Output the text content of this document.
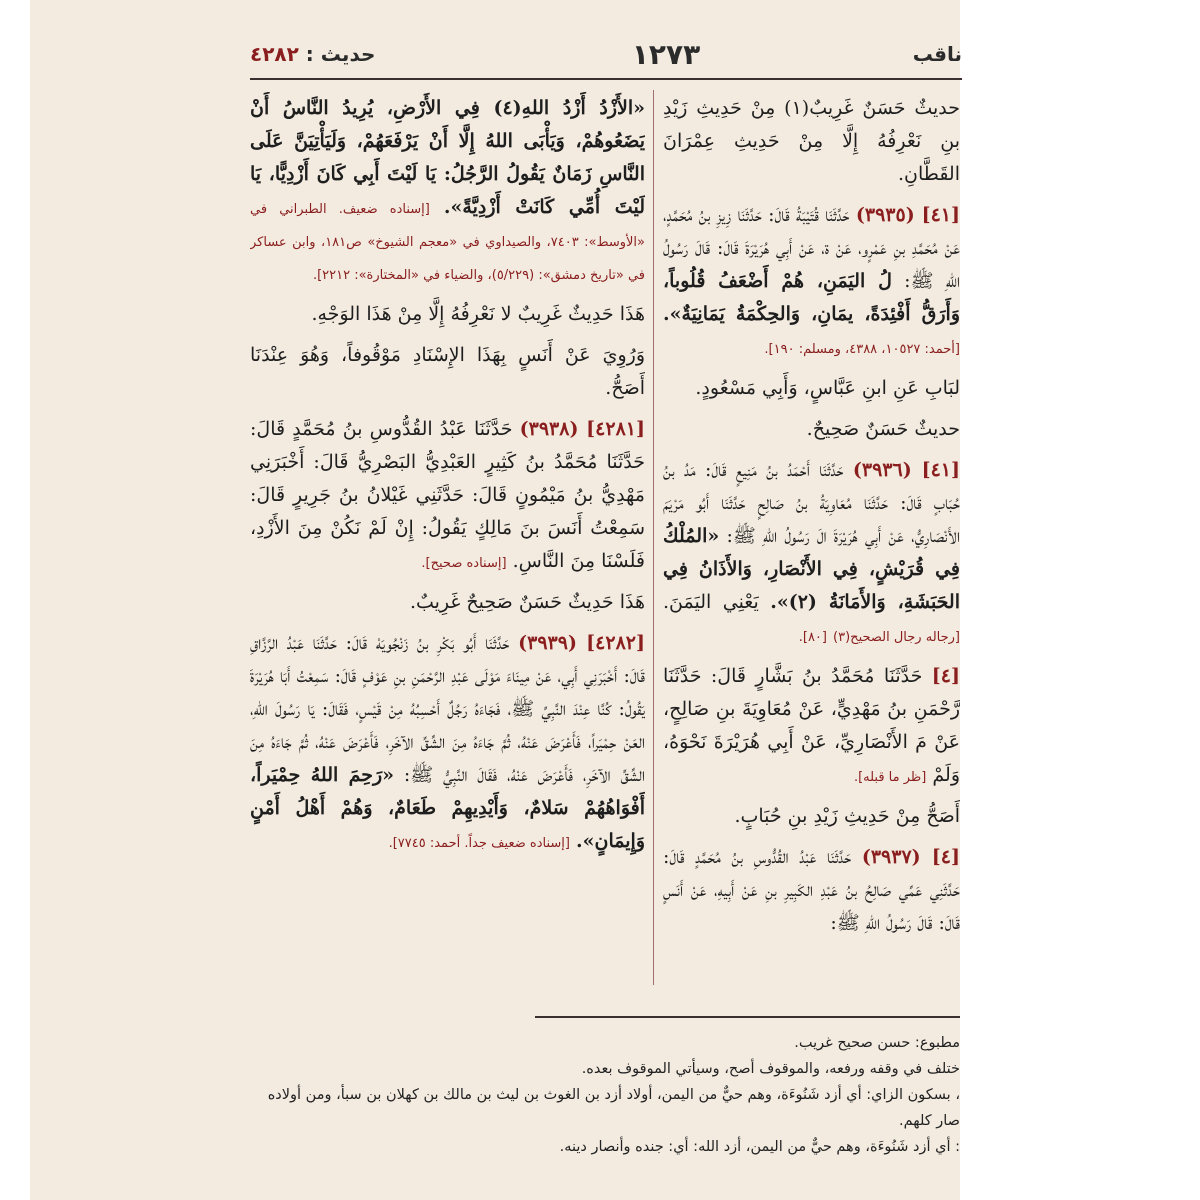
ناقب
١٢٧٣
حديث : ٤٢٨٢

حديثٌ حَسَنٌ غَرِيبٌ(١) مِنْ حَدِيثِ زَيْدِ بنِ نَعْرِفُهُ إِلَّا مِنْ حَدِيثِ عِمْرَانَ القَطَّانِ.

[٤١] (٣٩٣٥) حَدَّثَنَا قُتَيْبَةُ قَالَ: حَدَّثَنَا زِيزِ بنُ مُحَمَّدٍ، عَنْ مُحَمَّدِ بنِ عَمْرٍو، عَنْ ة، عَنْ أَبِي هُرَيْرَةَ قَالَ: قَالَ رَسُولُ اللهِ ﷺ: لُ اليَمَنِ، هُمْ أَضْعَفُ قُلُوباً، وَأَرَقُّ أَفْئِدَةً، يمَانِ، وَالحِكْمَةُ يَمَانِيَةٌ». [أحمد: ١٠٥٢٧، ٤٣٨٨، ومسلم: ١٩٠].

لبَابِ عَنِ ابنِ عَبَّاسٍ، وَأَبِي مَسْعُودٍ.

حديثٌ حَسَنٌ صَحِيحٌ.

[٤١] (٣٩٣٦) حَدَّثَنَا أَحْمَدُ بنُ مَنِيعٍ قَالَ: مَدُ بنُ حُبَابٍ قَالَ: حَدَّثَنَا مُعَاوِيَةُ بنُ صَالِحٍ حَدَّثَنَا أَبُو مَرْيَمَ الأَنْصَارِيُّ، عَنْ أَبِي هُرَيْرَةَ الَ رَسُولُ اللهِ ﷺ: «المُلْكُ فِي قُرَيْشٍ، فِي الأَنْصَارِ، وَالأَذَانُ فِي الحَبَشَةِ، وَالأَمَانَةُ (٢)». يَعْنِي اليَمَنَ. [رجاله رجال الصحيح(٣) [٨٠].

[٤] حَدَّثَنَا مُحَمَّدُ بنُ بَشَّارٍ قَالَ: حَدَّثَنَا رَّحْمَنِ بنُ مَهْدِيٍّ، عَنْ مُعَاوِيَةَ بنِ صَالِحٍ، عَنْ مَ الأَنْصَارِيِّ، عَنْ أَبِي هُرَيْرَةَ نَحْوَهُ، وَلَمْ [ظر ما قبله].

أَصَحُّ مِنْ حَدِيثِ زَيْدِ بنِ حُبَابٍ.

[٤] (٣٩٣٧) حَدَّثَنَا عَبْدُ القُدُّوسِ بنُ مُحَمَّدٍ قَالَ: حَدَّثَنِي عَمِّي صَالِحُ بنُ عَبْدِ الكَبِيرِ بنِ عَنْ أَبِيهِ، عَنْ أَنَسٍ قَالَ: قَالَ رَسُولُ اللهِ ﷺ:

«الأَزْدُ أَزْدُ اللهِ(٤) فِي الأَرْضِ، يُرِيدُ النَّاسُ أَنْ يَضَعُوهُمْ، وَيَأْبَى اللهُ إِلَّا أَنْ يَرْفَعَهُمْ، وَلَيَأْتِيَنَّ عَلَى النَّاسِ زَمَانٌ يَقُولُ الرَّجُلُ: يَا لَيْتَ أَبِي كَانَ أَزْدِيًّا، يَا لَيْتَ أُمِّي كَانَتْ أَزْدِيَّةً». [إسناده ضعيف. الطبراني في «الأوسط»: ٧٤٠٣، والصيداوي في «معجم الشيوخ» ص١٨١، وابن عساكر في «تاريخ دمشق»: (٥/٢٢٩)، والضياء في «المختارة»: ٢٢١٢].

هَذَا حَدِيثٌ غَرِيبٌ لا نَعْرِفُهُ إِلَّا مِنْ هَذَا الوَجْهِ.

وَرُوِيَ عَنْ أَنَسٍ بِهَذَا الإِسْنَادِ مَوْقُوفاً، وَهُوَ عِنْدَنَا أَصَحُّ.

[٤٢٨١] (٣٩٣٨) حَدَّثَنَا عَبْدُ القُدُّوسِ بنُ مُحَمَّدٍ قَالَ: حَدَّثَنَا مُحَمَّدُ بنُ كَثِيرٍ العَبْدِيُّ البَصْرِيُّ قَالَ: أَخْبَرَنِي مَهْدِيُّ بنُ مَيْمُونٍ قَالَ: حَدَّثَنِي غَيْلانُ بنُ جَرِيرٍ قَالَ: سَمِعْتُ أَنَسَ بنَ مَالِكٍ يَقُولُ: إِنْ لَمْ نَكُنْ مِنَ الأَزْدِ، فَلَسْنَا مِنَ النَّاسِ. [إسناده صحيح].

هَذَا حَدِيثٌ حَسَنٌ صَحِيحٌ غَرِيبٌ.

[٤٢٨٢] (٣٩٣٩) حَدَّثَنَا أَبُو بَكْرِ بنُ زَنْجُويَهْ قَالَ: حَدَّثَنَا عَبْدُ الرَّزَّاقِ قَالَ: أَخْبَرَنِي أَبِي، عَنْ مِينَاءَ مَوْلَى عَبْدِ الرَّحْمَنِ بنِ عَوْفٍ قَالَ: سَمِعْتُ أَبَا هُرَيْرَةَ يَقُولُ: كُنَّا عِنْدَ النَّبِيِّ ﷺ، فَجَاءَهُ رَجُلٌ أَحْسِبُهُ مِنْ قَيْسٍ، فَقَالَ: يَا رَسُولَ اللهِ، العَنْ حِمْيَراً، فَأَعْرَضَ عَنْهُ، ثُمَّ جَاءَهُ مِنَ الشِّقِّ الآخَرِ، فَأَعْرَضَ عَنْهُ، ثُمَّ جَاءَهُ مِنَ الشِّقِّ الآخَرِ، فَأَعْرَضَ عَنْهُ، فَقَالَ النَّبِيُّ ﷺ: «رَحِمَ اللهُ حِمْيَراً، أَفْوَاهُهُمْ سَلامٌ، وَأَيْدِيهِمْ طَعَامٌ، وَهُمْ أَهْلُ أَمْنٍ وَإِيمَانٍ». [إسناده ضعيف جداً. أحمد: ٧٧٤٥].

مطبوع: حسن صحيح غريب.
ختلف في وقفه ورفعه، والموقوف أصح، وسيأتي الموقوف بعده.
، بسكون الزاي: أي أزد شَنُوءَة، وهم حيٌّ من اليمن، أولاد أزد بن الغوث بن ليث بن مالك بن كهلان بن سبأ، ومن أولاده
صار كلهم.
: أي أزد شَنُوءَة، وهم حيٌّ من اليمن، أزد الله: أي: جنده وأنصار دينه.
